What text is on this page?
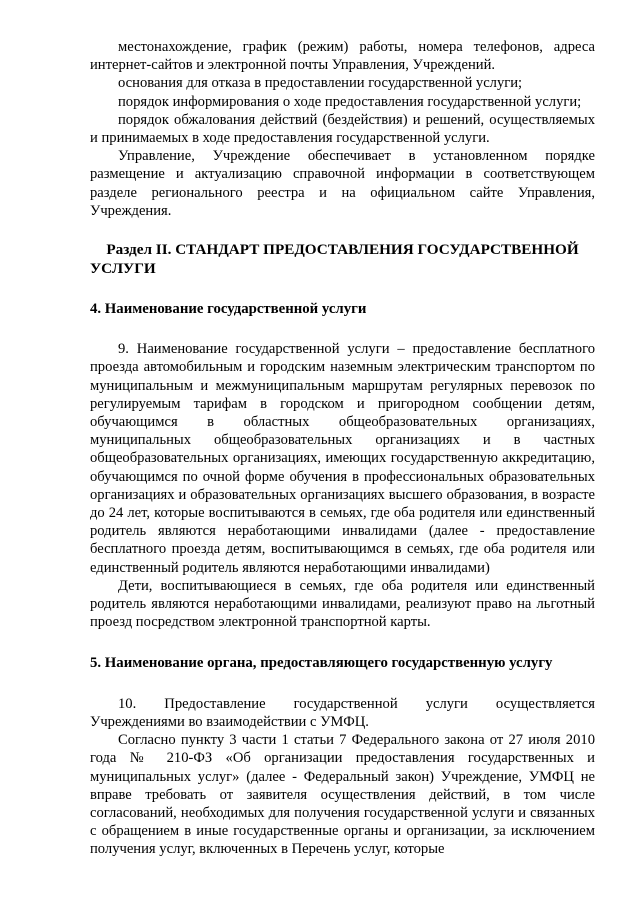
местонахождение, график (режим) работы, номера телефонов, адреса интернет-сайтов и электронной почты Управления, Учреждений.

основания для отказа в предоставлении государственной услуги;

порядок информирования о ходе предоставления государственной услуги;

порядок обжалования действий (бездействия) и решений, осуществляемых и принимаемых в ходе предоставления государственной услуги.

Управление, Учреждение обеспечивает в установленном порядке размещение и актуализацию справочной информации в соответствующем разделе регионального реестра и на официальном сайте Управления, Учреждения.

Раздел II. СТАНДАРТ ПРЕДОСТАВЛЕНИЯ ГОСУДАРСТВЕННОЙ УСЛУГИ

4. Наименование государственной услуги

9. Наименование государственной услуги – предоставление бесплатного проезда автомобильным и городским наземным электрическим транспортом по муниципальным и межмуниципальным маршрутам регулярных перевозок по регулируемым тарифам в городском и пригородном сообщении детям, обучающимся в областных общеобразовательных организациях, муниципальных общеобразовательных организациях и в частных общеобразовательных организациях, имеющих государственную аккредитацию, обучающимся по очной форме обучения в профессиональных образовательных организациях и образовательных организациях высшего образования, в возрасте до 24 лет, которые воспитываются в семьях, где оба родителя или единственный родитель являются неработающими инвалидами (далее - предоставление бесплатного проезда детям, воспитывающимся в семьях, где оба родителя или единственный родитель являются неработающими инвалидами)

Дети, воспитывающиеся в семьях, где оба родителя или единственный родитель являются неработающими инвалидами, реализуют право на льготный проезд посредством электронной транспортной карты.

5. Наименование органа, предоставляющего государственную услугу

10. Предоставление государственной услуги осуществляется Учреждениями во взаимодействии с УМФЦ.

Согласно пункту 3 части 1 статьи 7 Федерального закона от 27 июля 2010 года № 210-ФЗ «Об организации предоставления государственных и муниципальных услуг» (далее - Федеральный закон) Учреждение, УМФЦ не вправе требовать от заявителя осуществления действий, в том числе согласований, необходимых для получения государственной услуги и связанных с обращением в иные государственные органы и организации, за исключением получения услуг, включенных в Перечень услуг, которые
